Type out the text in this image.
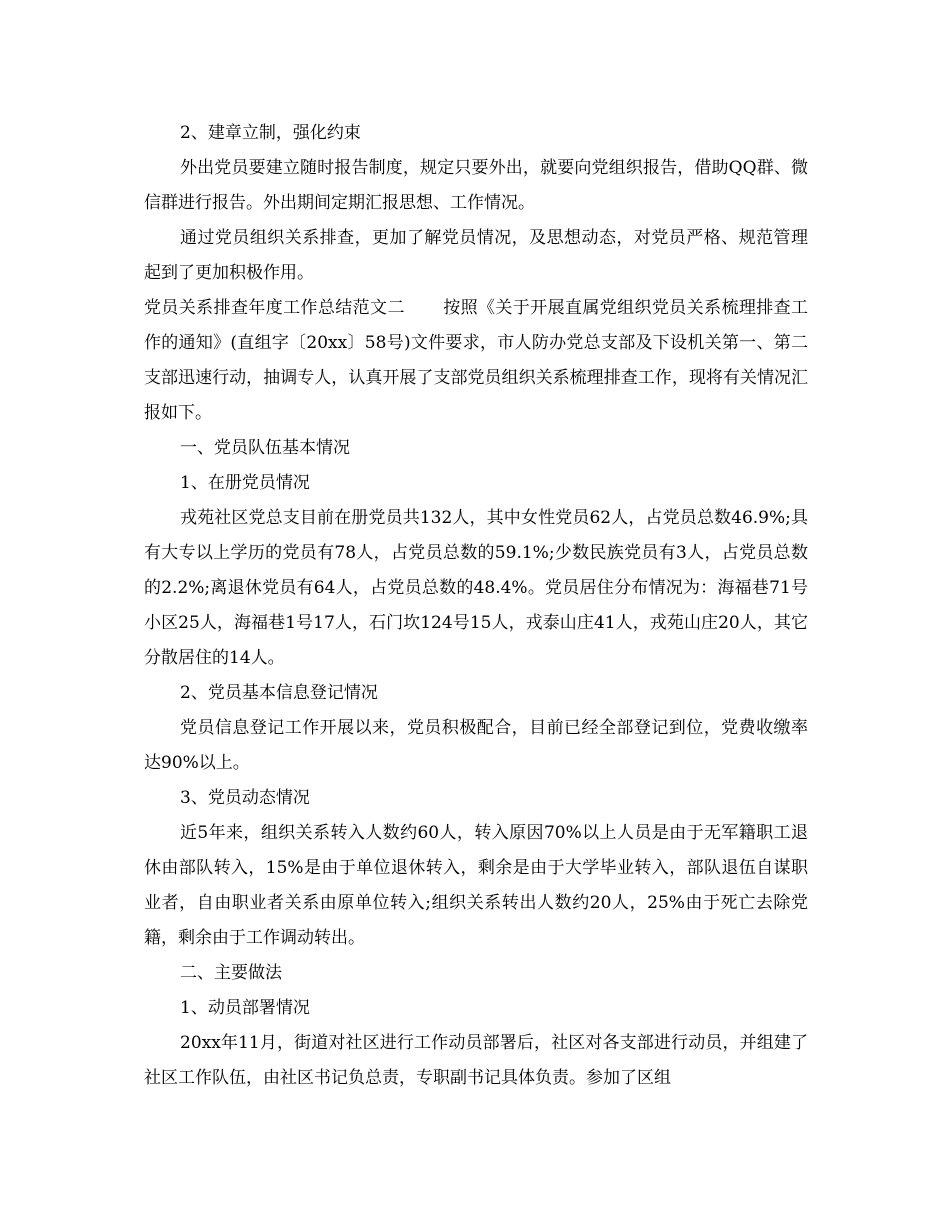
2、建章立制，强化约束

外出党员要建立随时报告制度，规定只要外出，就要向党组织报告，借助QQ群、微信群进行报告。外出期间定期汇报思想、工作情况。

通过党员组织关系排查，更加了解党员情况，及思想动态，对党员严格、规范管理起到了更加积极作用。

党员关系排查年度工作总结范文二 按照《关于开展直属党组织党员关系梳理排查工作的通知》(直组字〔20xx〕58号)文件要求，市人防办党总支部及下设机关第一、第二支部迅速行动，抽调专人，认真开展了支部党员组织关系梳理排查工作，现将有关情况汇报如下。

一、党员队伍基本情况

1、在册党员情况

戎苑社区党总支目前在册党员共132人，其中女性党员62人，占党员总数46.9%;具有大专以上学历的党员有78人，占党员总数的59.1%;少数民族党员有3人，占党员总数的2.2%;离退休党员有64人，占党员总数的48.4%。党员居住分布情况为：海福巷71号小区25人，海福巷1号17人，石门坎124号15人，戎泰山庄41人，戎苑山庄20人，其它分散居住的14人。

2、党员基本信息登记情况

党员信息登记工作开展以来，党员积极配合，目前已经全部登记到位，党费收缴率达90%以上。

3、党员动态情况

近5年来，组织关系转入人数约60人，转入原因70%以上人员是由于无军籍职工退休由部队转入，15%是由于单位退休转入，剩余是由于大学毕业转入，部队退伍自谋职业者，自由职业者关系由原单位转入;组织关系转出人数约20人，25%由于死亡去除党籍，剩余由于工作调动转出。

二、主要做法

1、动员部署情况

20xx年11月，街道对社区进行工作动员部署后，社区对各支部进行动员，并组建了社区工作队伍，由社区书记负总责，专职副书记具体负责。参加了区组
